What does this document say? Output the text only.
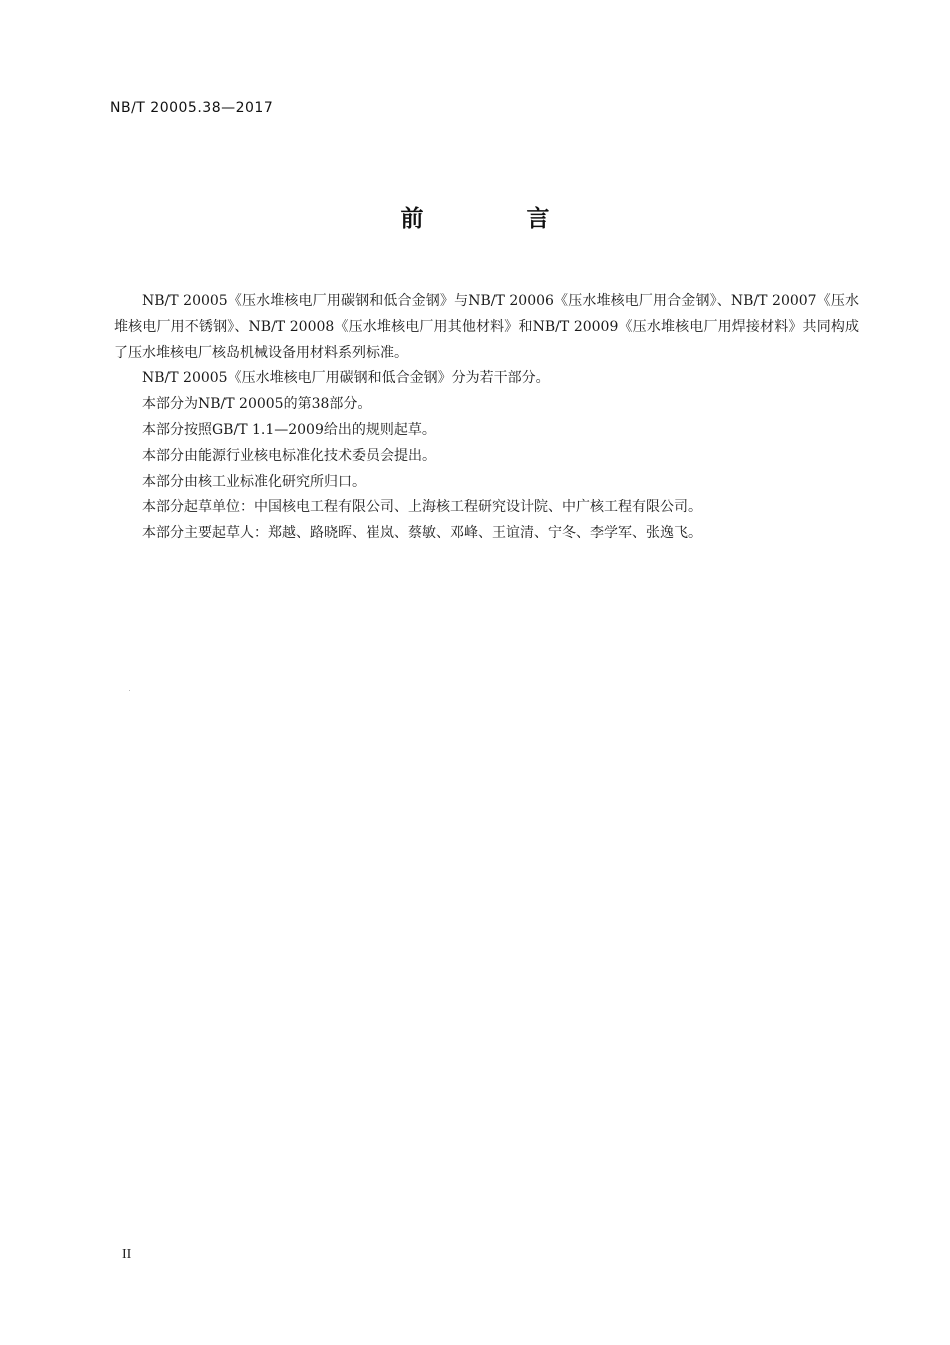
NB/T 20005.38—2017
前　言

NB/T 20005《压水堆核电厂用碳钢和低合金钢》与NB/T 20006《压水堆核电厂用合金钢》、NB/T 20007《压水堆核电厂用不锈钢》、NB/T 20008《压水堆核电厂用其他材料》和NB/T 20009《压水堆核电厂用焊接材料》共同构成了压水堆核电厂核岛机械设备用材料系列标准。

NB/T 20005《压水堆核电厂用碳钢和低合金钢》分为若干部分。

本部分为NB/T 20005的第38部分。

本部分按照GB/T 1.1—2009给出的规则起草。

本部分由能源行业核电标准化技术委员会提出。

本部分由核工业标准化研究所归口。

本部分起草单位：中国核电工程有限公司、上海核工程研究设计院、中广核工程有限公司。

本部分主要起草人：郑越、路晓晖、崔岚、蔡敏、邓峰、王谊清、宁冬、李学军、张逸飞。

II
